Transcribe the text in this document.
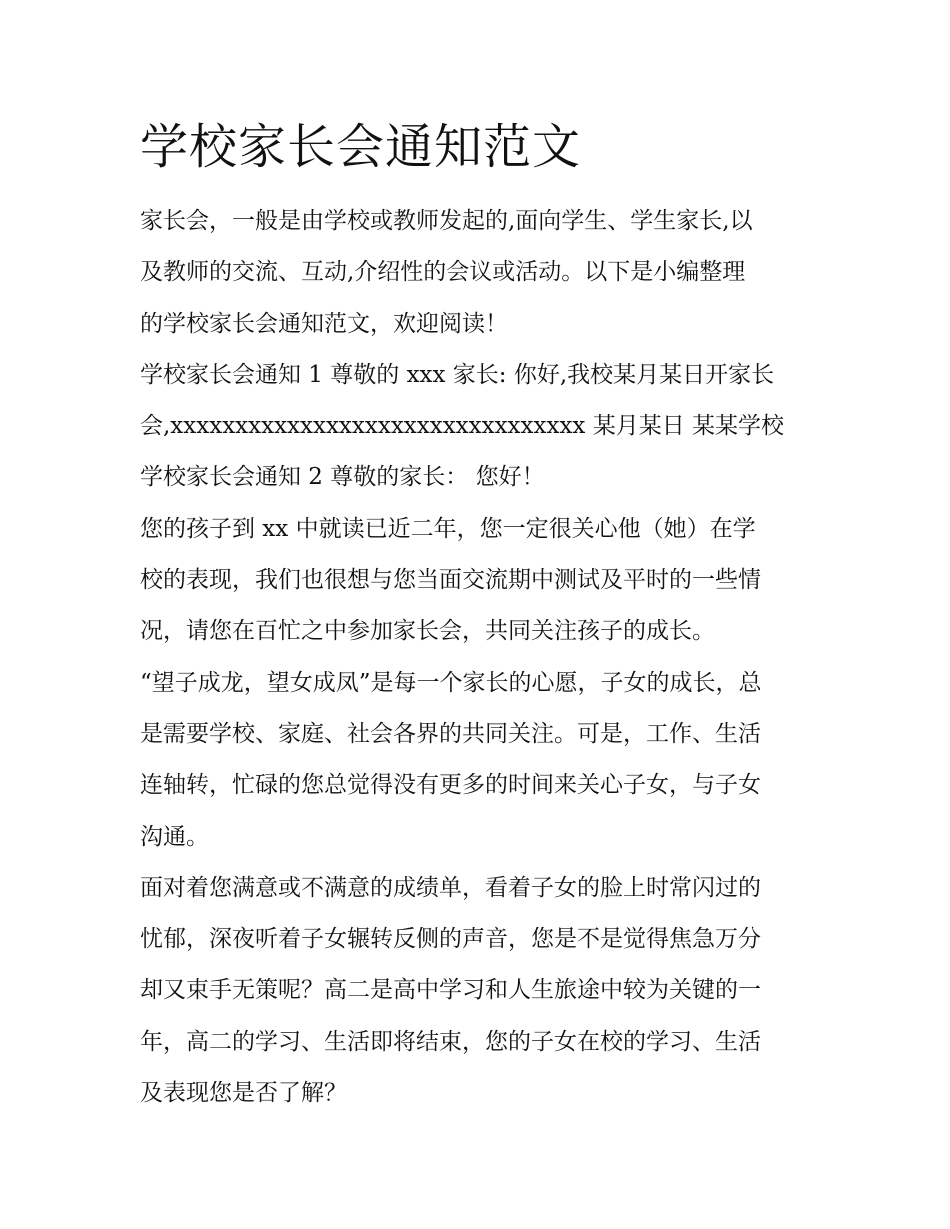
学校家长会通知范文
家长会，一般是由学校或教师发起的,面向学生、学生家长,以
及教师的交流、互动,介绍性的会议或活动。以下是小编整理
的学校家长会通知范文，欢迎阅读！
学校家长会通知 1 尊敬的 xxx 家长: 你好,我校某月某日开家长
会,xxxxxxxxxxxxxxxxxxxxxxxxxxxxxxxx 某月某日 某某学校
学校家长会通知 2 尊敬的家长： 您好！
您的孩子到 xx 中就读已近二年，您一定很关心他（她）在学
校的表现，我们也很想与您当面交流期中测试及平时的一些情
况，请您在百忙之中参加家长会，共同关注孩子的成长。
“望子成龙，望女成凤”是每一个家长的心愿，子女的成长，总
是需要学校、家庭、社会各界的共同关注。可是，工作、生活
连轴转，忙碌的您总觉得没有更多的时间来关心子女，与子女
沟通。
面对着您满意或不满意的成绩单，看着子女的脸上时常闪过的
忧郁，深夜听着子女辗转反侧的声音，您是不是觉得焦急万分
却又束手无策呢？高二是高中学习和人生旅途中较为关键的一
年，高二的学习、生活即将结束，您的子女在校的学习、生活
及表现您是否了解？
